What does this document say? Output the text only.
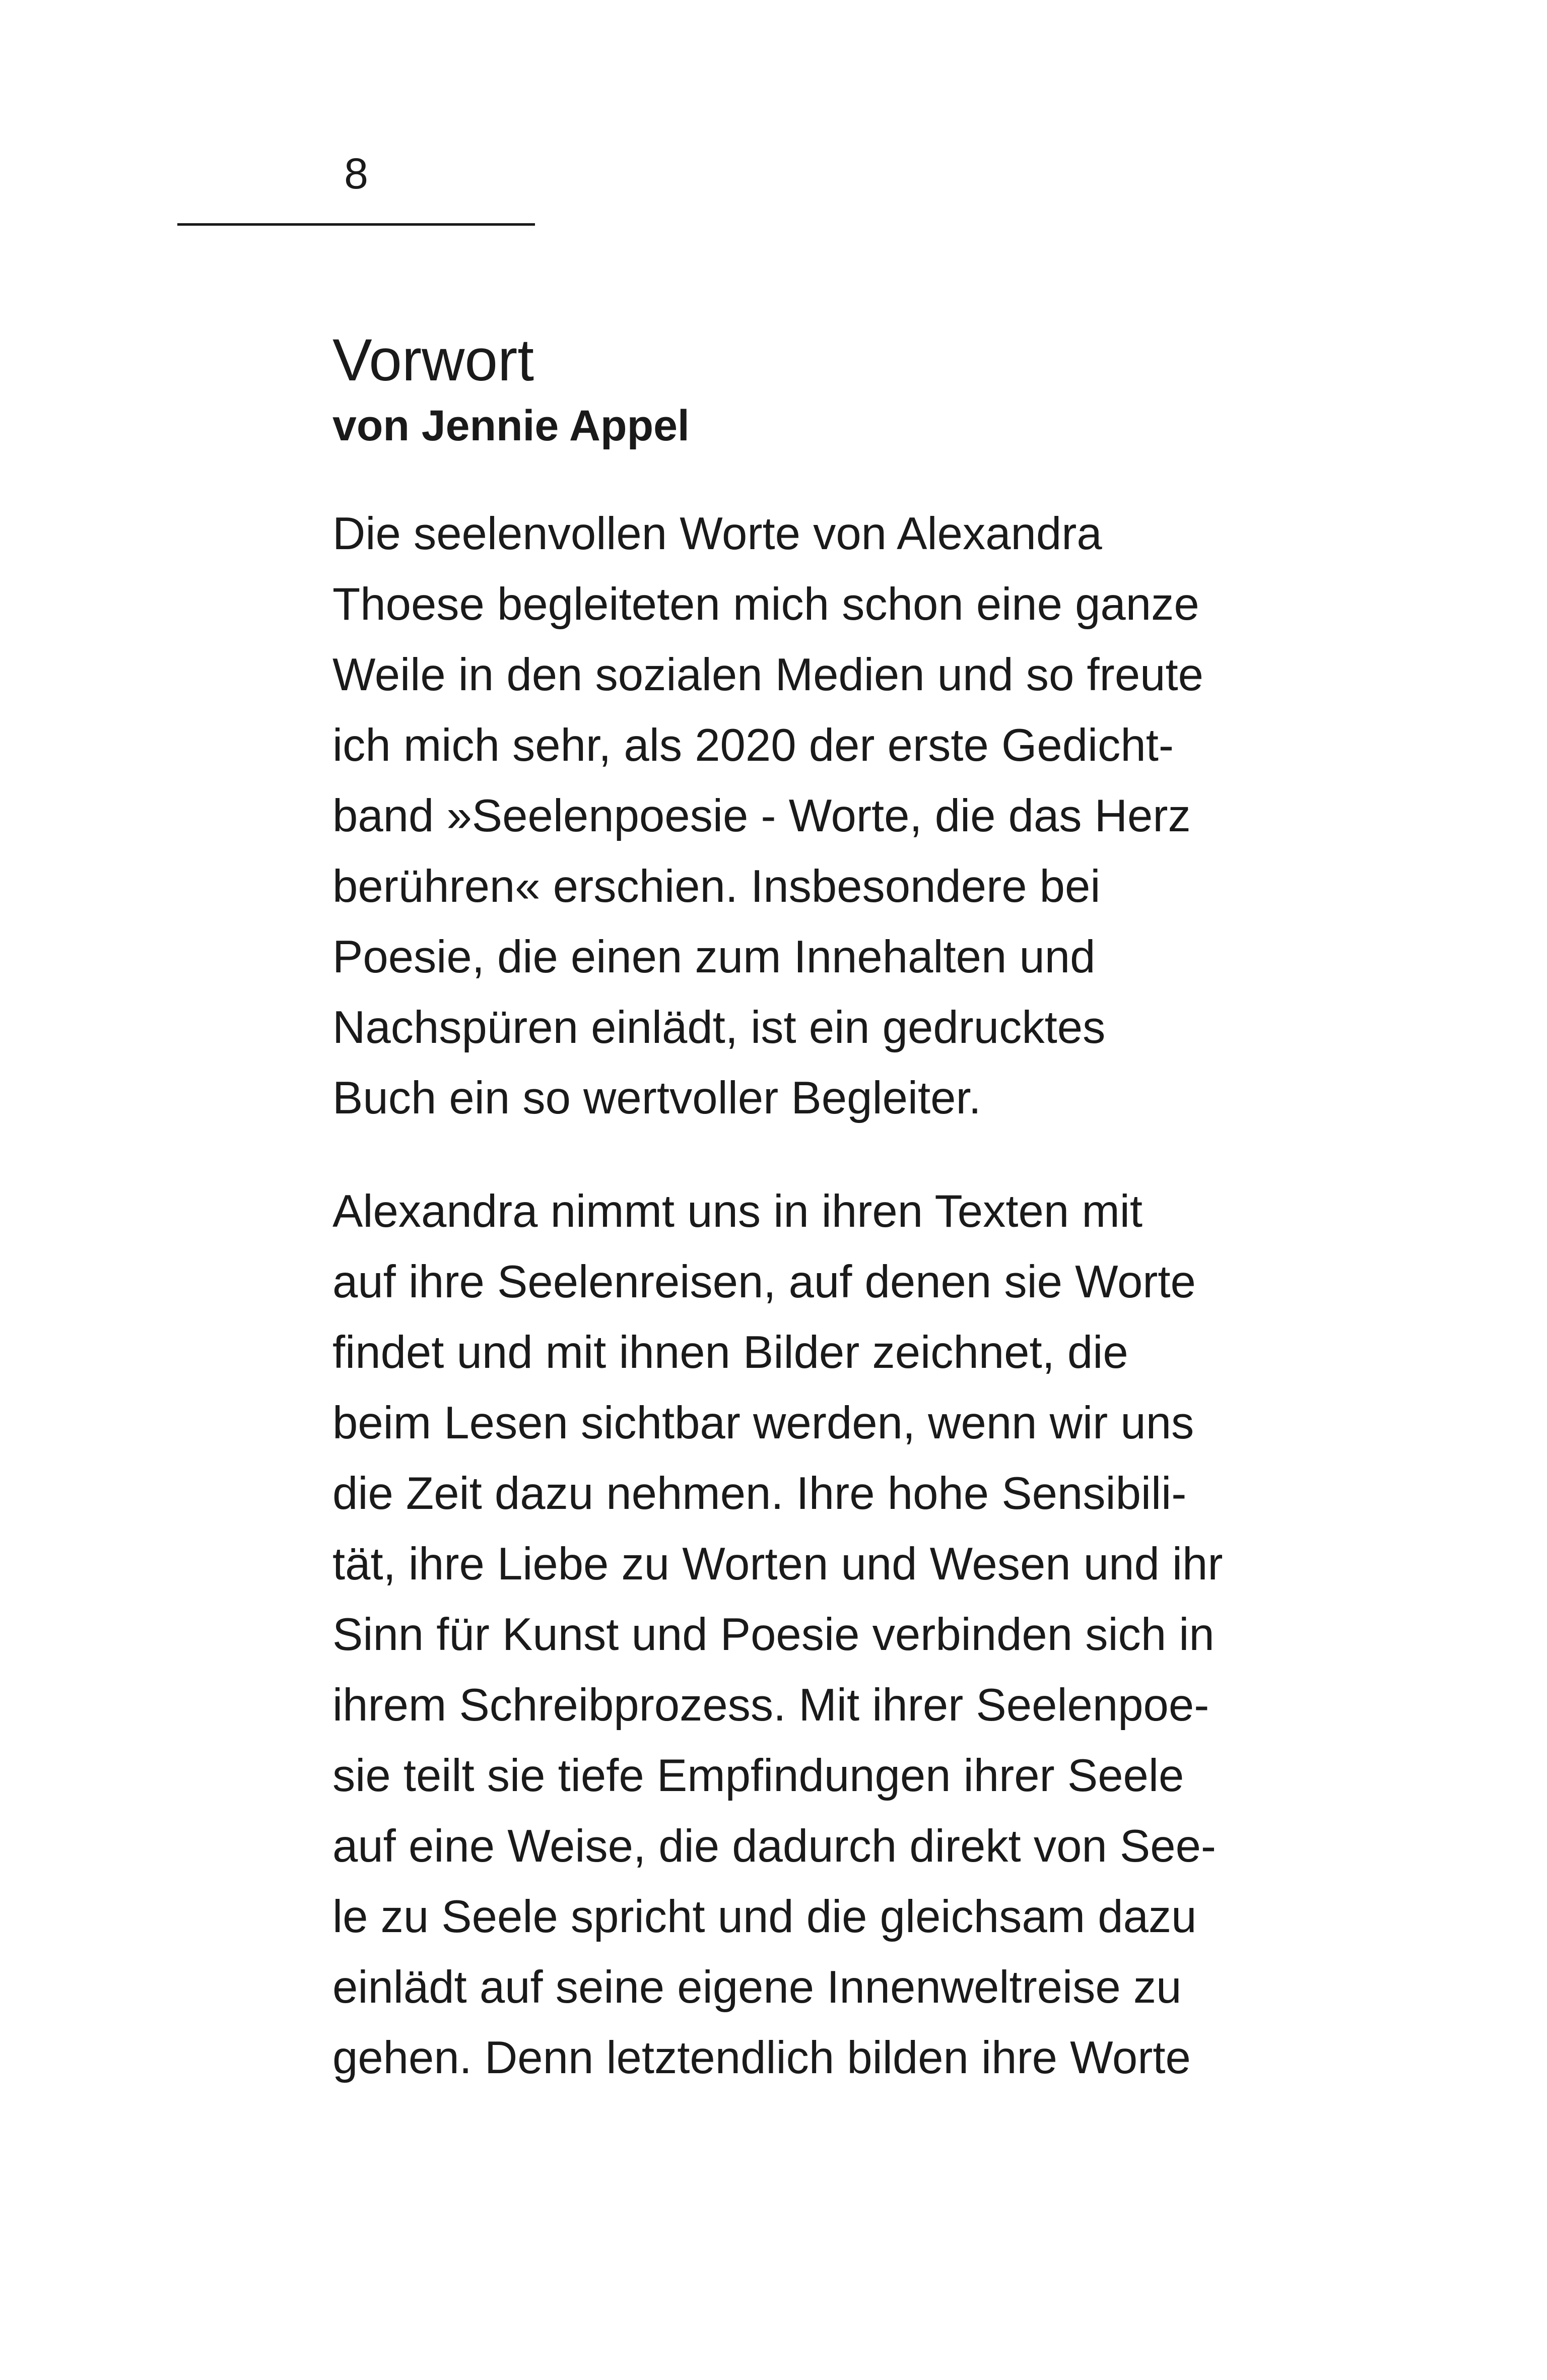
8
Vorwort
von Jennie Appel
Die seelenvollen Worte von Alexandra
Thoese begleiteten mich schon eine ganze
Weile in den sozialen Medien und so freute
ich mich sehr, als 2020 der erste Gedicht-
band »Seelenpoesie - Worte, die das Herz
berühren« erschien. Insbesondere bei
Poesie, die einen zum Innehalten und
Nachspüren einlädt, ist ein gedrucktes
Buch ein so wertvoller Begleiter.
Alexandra nimmt uns in ihren Texten mit
auf ihre Seelenreisen, auf denen sie Worte
findet und mit ihnen Bilder zeichnet, die
beim Lesen sichtbar werden, wenn wir uns
die Zeit dazu nehmen. Ihre hohe Sensibili-
tät, ihre Liebe zu Worten und Wesen und ihr
Sinn für Kunst und Poesie verbinden sich in
ihrem Schreibprozess. Mit ihrer Seelenpoe-
sie teilt sie tiefe Empfindungen ihrer Seele
auf eine Weise, die dadurch direkt von See-
le zu Seele spricht und die gleichsam dazu
einlädt auf seine eigene Innenweltreise zu
gehen. Denn letztendlich bilden ihre Worte
